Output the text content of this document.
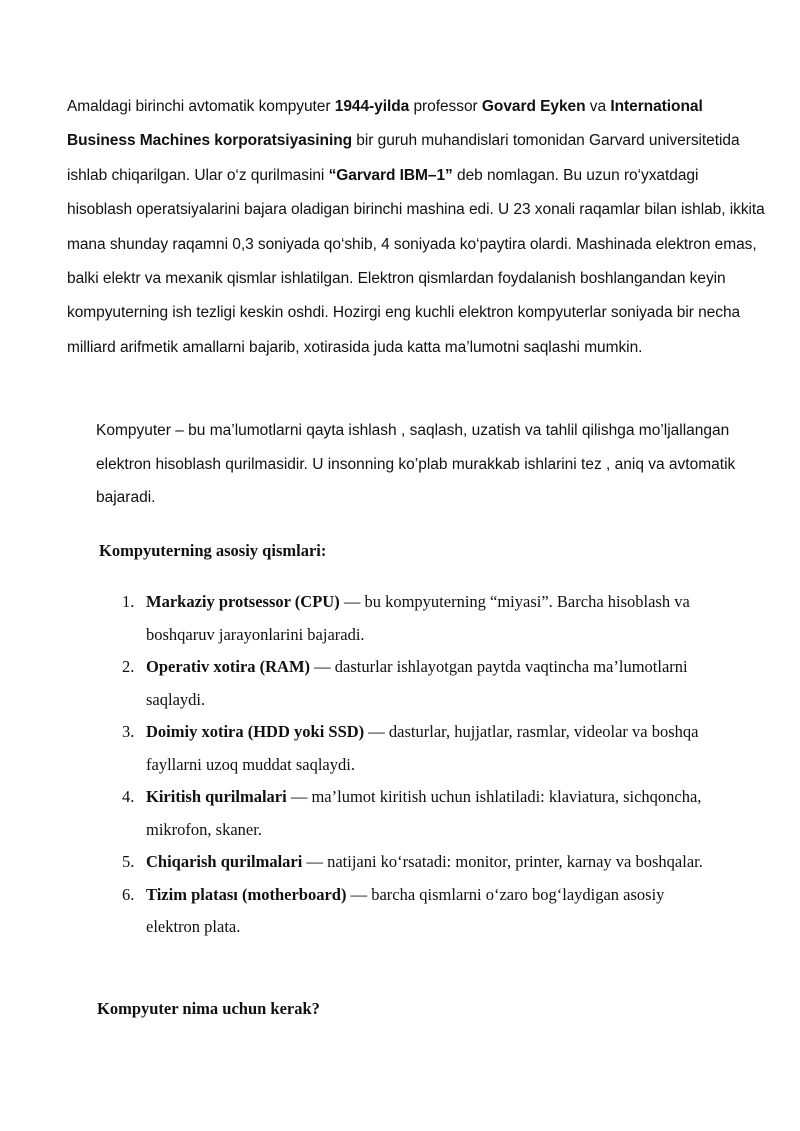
Amaldagi birinchi avtomatik kompyuter 1944-yilda professor Govard Eyken va International Business Machines korporatsiyasining bir guruh muhandislari tomonidan Garvard universitetida ishlab chiqarilgan. Ular o‘z qurilmasini “Garvard IBM–1” deb nomlagan. Bu uzun ro‘yxatdagi hisoblash operatsiyalarini bajara oladigan birinchi mashina edi. U 23 xonali raqamlar bilan ishlab, ikkita mana shunday raqamni 0,3 soniyada qo‘shib, 4 soniyada ko‘paytira olardi. Mashinada elektron emas, balki elektr va mexanik qismlar ishlatilgan. Elektron qismlardan foydalanish boshlangandan keyin kompyuterning ish tezligi keskin oshdi. Hozirgi eng kuchli elektron kompyuterlar soniyada bir necha milliard arifmetik amallarni bajarib, xotirasida juda katta ma’lumotni saqlashi mumkin.

Kompyuter – bu ma’lumotlarni qayta ishlash , saqlash, uzatish va tahlil qilishga mo’ljallangan elektron hisoblash qurilmasidir. U insonning ko’plab murakkab ishlarini tez , aniq va avtomatik bajaradi.

Kompyuterning asosiy qismlari:
1. Markaziy protsessor (CPU) — bu kompyuterning “miyasi”. Barcha hisoblash va boshqaruv jarayonlarini bajaradi.
2. Operativ xotira (RAM) — dasturlar ishlayotgan paytda vaqtincha ma’lumotlarni saqlaydi.
3. Doimiy xotira (HDD yoki SSD) — dasturlar, hujjatlar, rasmlar, videolar va boshqa fayllarni uzoq muddat saqlaydi.
4. Kiritish qurilmalari — ma’lumot kiritish uchun ishlatiladi: klaviatura, sichqoncha, mikrofon, skaner.
5. Chiqarish qurilmalari — natijani ko‘rsatadi: monitor, printer, karnay va boshqalar.
6. Tizim platası (motherboard) — barcha qismlarni o‘zaro bog‘laydigan asosiy elektron plata.
Kompyuter nima uchun kerak?
